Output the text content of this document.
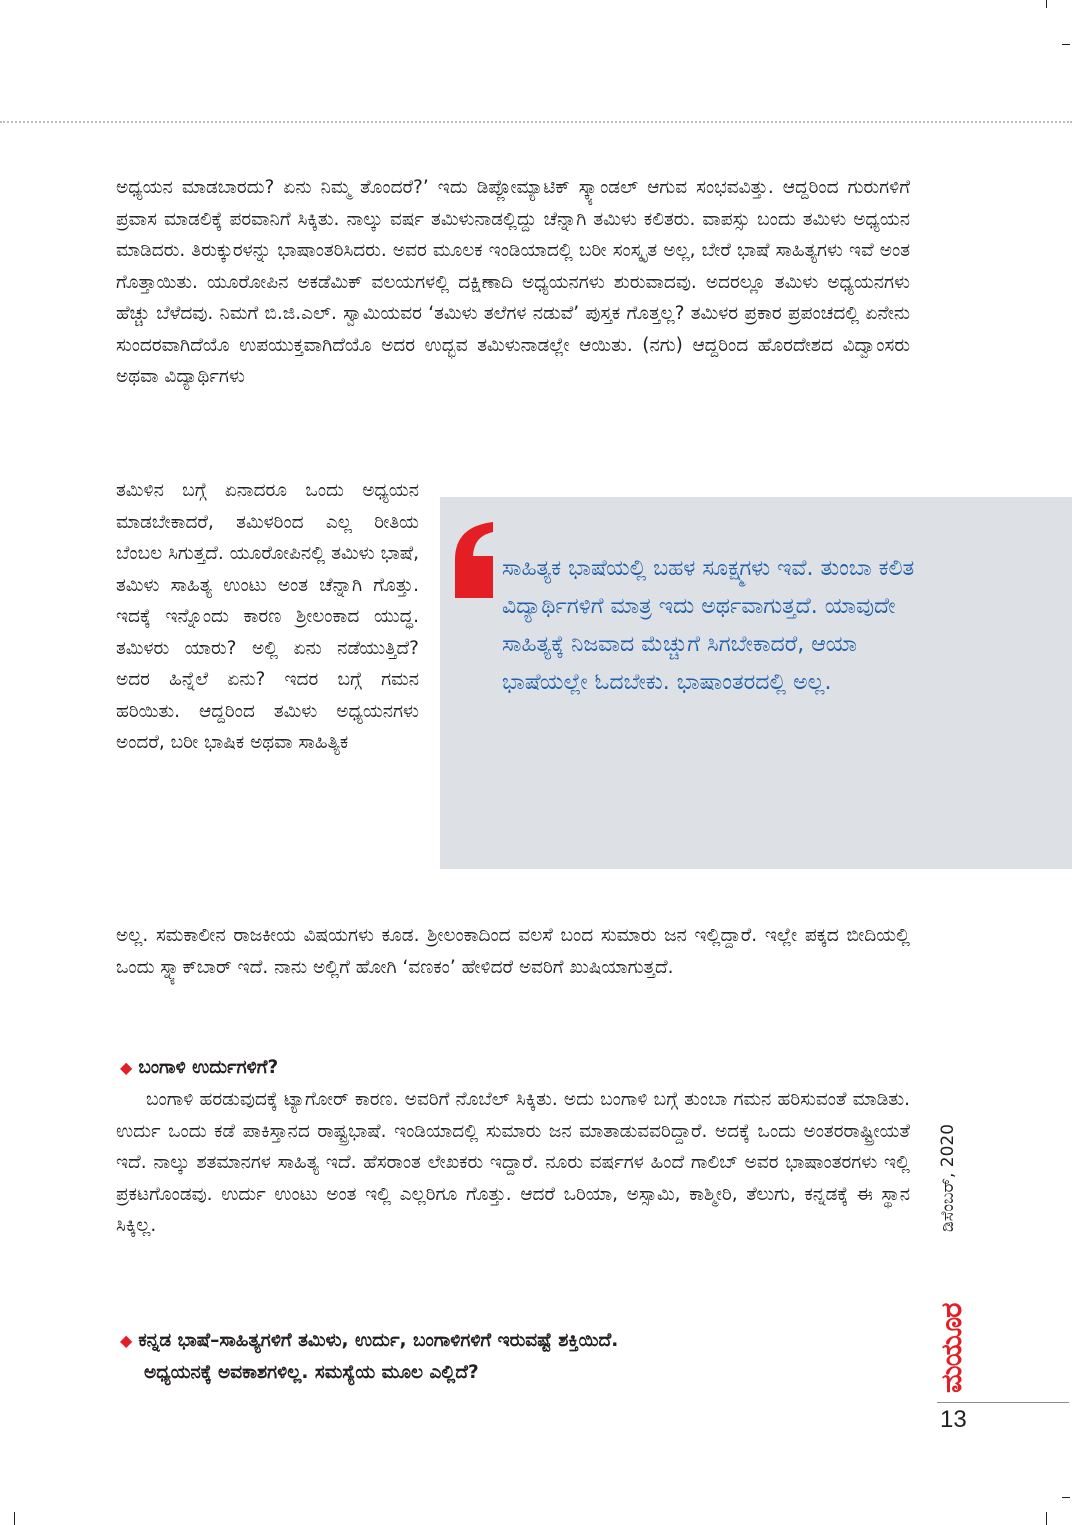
ಅಧ್ಯಯನ ಮಾಡಬಾರದು? ಏನು ನಿಮ್ಮ ತೊಂದರೆ?’ ಇದು ಡಿಪ್ಲೋಮ್ಯಾಟಿಕ್ ಸ್ಕ್ಯಾಂಡಲ್ ಆಗುವ ಸಂಭವವಿತ್ತು. ಆದ್ದರಿಂದ ಗುರುಗಳಿಗೆ ಪ್ರವಾಸ ಮಾಡಲಿಕ್ಕೆ ಪರವಾನಿಗೆ ಸಿಕ್ಕಿತು. ನಾಲ್ಕು ವರ್ಷ ತಮಿಳುನಾಡಲ್ಲಿದ್ದು ಚೆನ್ನಾಗಿ ತಮಿಳು ಕಲಿತರು. ವಾಪಸ್ಸು ಬಂದು ತಮಿಳು ಅಧ್ಯಯನ ಮಾಡಿದರು. ತಿರುಕ್ಕುರಳನ್ನು ಭಾಷಾಂತರಿಸಿದರು. ಅವರ ಮೂಲಕ ಇಂಡಿಯಾದಲ್ಲಿ ಬರೀ ಸಂಸ್ಕೃತ ಅಲ್ಲ, ಬೇರೆ ಭಾಷೆ ಸಾಹಿತ್ಯಗಳು ಇವೆ ಅಂತ ಗೊತ್ತಾಯಿತು. ಯೂರೋಪಿನ ಅಕಡೆಮಿಕ್ ವಲಯಗಳಲ್ಲಿ ದಕ್ಷಿಣಾದಿ ಅಧ್ಯಯನಗಳು ಶುರುವಾದವು. ಅದರಲ್ಲೂ ತಮಿಳು ಅಧ್ಯಯನಗಳು ಹೆಚ್ಚು ಬೆಳೆದವು. ನಿಮಗೆ ಬಿ.ಜಿ.ಎಲ್. ಸ್ವಾಮಿಯವರ ‘ತಮಿಳು ತಲೆಗಳ ನಡುವೆ’ ಪುಸ್ತಕ ಗೊತ್ತಲ್ಲ? ತಮಿಳರ ಪ್ರಕಾರ ಪ್ರಪಂಚದಲ್ಲಿ ಏನೇನು ಸುಂದರವಾಗಿದೆಯೊ ಉಪಯುಕ್ತವಾಗಿದೆಯೊ ಅದರ ಉದ್ಭವ ತಮಿಳುನಾಡಲ್ಲೇ ಆಯಿತು. (ನಗು) ಆದ್ದರಿಂದ ಹೊರದೇಶದ ವಿದ್ವಾಂಸರು ಅಥವಾ ವಿದ್ಯಾರ್ಥಿಗಳು

ತಮಿಳಿನ ಬಗ್ಗೆ ಏನಾದರೂ ಒಂದು ಅಧ್ಯಯನ ಮಾಡಬೇಕಾದರೆ, ತಮಿಳರಿಂದ ಎಲ್ಲ ರೀತಿಯ ಬೆಂಬಲ ಸಿಗುತ್ತದೆ. ಯೂರೋಪಿನಲ್ಲಿ ತಮಿಳು ಭಾಷೆ, ತಮಿಳು ಸಾಹಿತ್ಯ ಉಂಟು ಅಂತ ಚೆನ್ನಾಗಿ ಗೊತ್ತು. ಇದಕ್ಕೆ ಇನ್ನೊಂದು ಕಾರಣ ಶ್ರೀಲಂಕಾದ ಯುದ್ಧ. ತಮಿಳರು ಯಾರು? ಅಲ್ಲಿ ಏನು ನಡೆಯುತ್ತಿದೆ? ಅದರ ಹಿನ್ನೆಲೆ ಏನು? ಇದರ ಬಗ್ಗೆ ಗಮನ ಹರಿಯಿತು. ಆದ್ದರಿಂದ ತಮಿಳು ಅಧ್ಯಯನಗಳು ಅಂದರೆ, ಬರೀ ಭಾಷಿಕ ಅಥವಾ ಸಾಹಿತ್ಯಿಕ

ಸಾಹಿತ್ಯಕ ಭಾಷೆಯಲ್ಲಿ ಬಹಳ ಸೂಕ್ಷ್ಮಗಳು ಇವೆ. ತುಂಬಾ ಕಲಿತ ವಿದ್ಯಾರ್ಥಿಗಳಿಗೆ ಮಾತ್ರ ಇದು ಅರ್ಥವಾಗುತ್ತದೆ. ಯಾವುದೇ ಸಾಹಿತ್ಯಕ್ಕೆ ನಿಜವಾದ ಮೆಚ್ಚುಗೆ ಸಿಗಬೇಕಾದರೆ, ಆಯಾ ಭಾಷೆಯಲ್ಲೇ ಓದಬೇಕು. ಭಾಷಾಂತರದಲ್ಲಿ ಅಲ್ಲ.

ಅಲ್ಲ. ಸಮಕಾಲೀನ ರಾಜಕೀಯ ವಿಷಯಗಳು ಕೂಡ. ಶ್ರೀಲಂಕಾದಿಂದ ವಲಸೆ ಬಂದ ಸುಮಾರು ಜನ ಇಲ್ಲಿದ್ದಾರೆ. ಇಲ್ಲೇ ಪಕ್ಕದ ಬೀದಿಯಲ್ಲಿ ಒಂದು ಸ್ನ್ಯಾಕ್‌ಬಾರ್ ಇದೆ. ನಾನು ಅಲ್ಲಿಗೆ ಹೋಗಿ ‘ವಣಕಂ’ ಹೇಳಿದರೆ ಅವರಿಗೆ ಖುಷಿಯಾಗುತ್ತದೆ.

◆ ಬಂಗಾಳಿ ಉರ್ದುಗಳಿಗೆ?

ಬಂಗಾಳಿ ಹರಡುವುದಕ್ಕೆ ಟ್ಯಾಗೋರ್ ಕಾರಣ. ಅವರಿಗೆ ನೊಬೆಲ್ ಸಿಕ್ಕಿತು. ಅದು ಬಂಗಾಳಿ ಬಗ್ಗೆ ತುಂಬಾ ಗಮನ ಹರಿಸುವಂತೆ ಮಾಡಿತು. ಉರ್ದು ಒಂದು ಕಡೆ ಪಾಕಿಸ್ತಾನದ ರಾಷ್ಟ್ರಭಾಷೆ. ಇಂಡಿಯಾದಲ್ಲಿ ಸುಮಾರು ಜನ ಮಾತಾಡುವವರಿದ್ದಾರೆ. ಅದಕ್ಕೆ ಒಂದು ಅಂತರರಾಷ್ಟ್ರೀಯತೆ ಇದೆ. ನಾಲ್ಕು ಶತಮಾನಗಳ ಸಾಹಿತ್ಯ ಇದೆ. ಹೆಸರಾಂತ ಲೇಖಕರು ಇದ್ದಾರೆ. ನೂರು ವರ್ಷಗಳ ಹಿಂದೆ ಗಾಲಿಬ್ ಅವರ ಭಾಷಾಂತರಗಳು ಇಲ್ಲಿ ಪ್ರಕಟಗೊಂಡವು. ಉರ್ದು ಉಂಟು ಅಂತ ಇಲ್ಲಿ ಎಲ್ಲರಿಗೂ ಗೊತ್ತು. ಆದರೆ ಒರಿಯಾ, ಅಸ್ಸಾಮಿ, ಕಾಶ್ಮೀರಿ, ತೆಲುಗು, ಕನ್ನಡಕ್ಕೆ ಈ ಸ್ಥಾನ ಸಿಕ್ಕಿಲ್ಲ.

◆ ಕನ್ನಡ ಭಾಷೆ–ಸಾಹಿತ್ಯಗಳಿಗೆ ತಮಿಳು, ಉರ್ದು, ಬಂಗಾಳಿಗಳಿಗೆ ಇರುವಷ್ಟೆ ಶಕ್ತಿಯಿದೆ.

ಅಧ್ಯಯನಕ್ಕೆ ಅವಕಾಶಗಳಿಲ್ಲ. ಸಮಸ್ಯೆಯ ಮೂಲ ಎಲ್ಲಿದೆ?

ಡಿಸೆಂಬರ್, 2020
ಮಯೂರ
13
